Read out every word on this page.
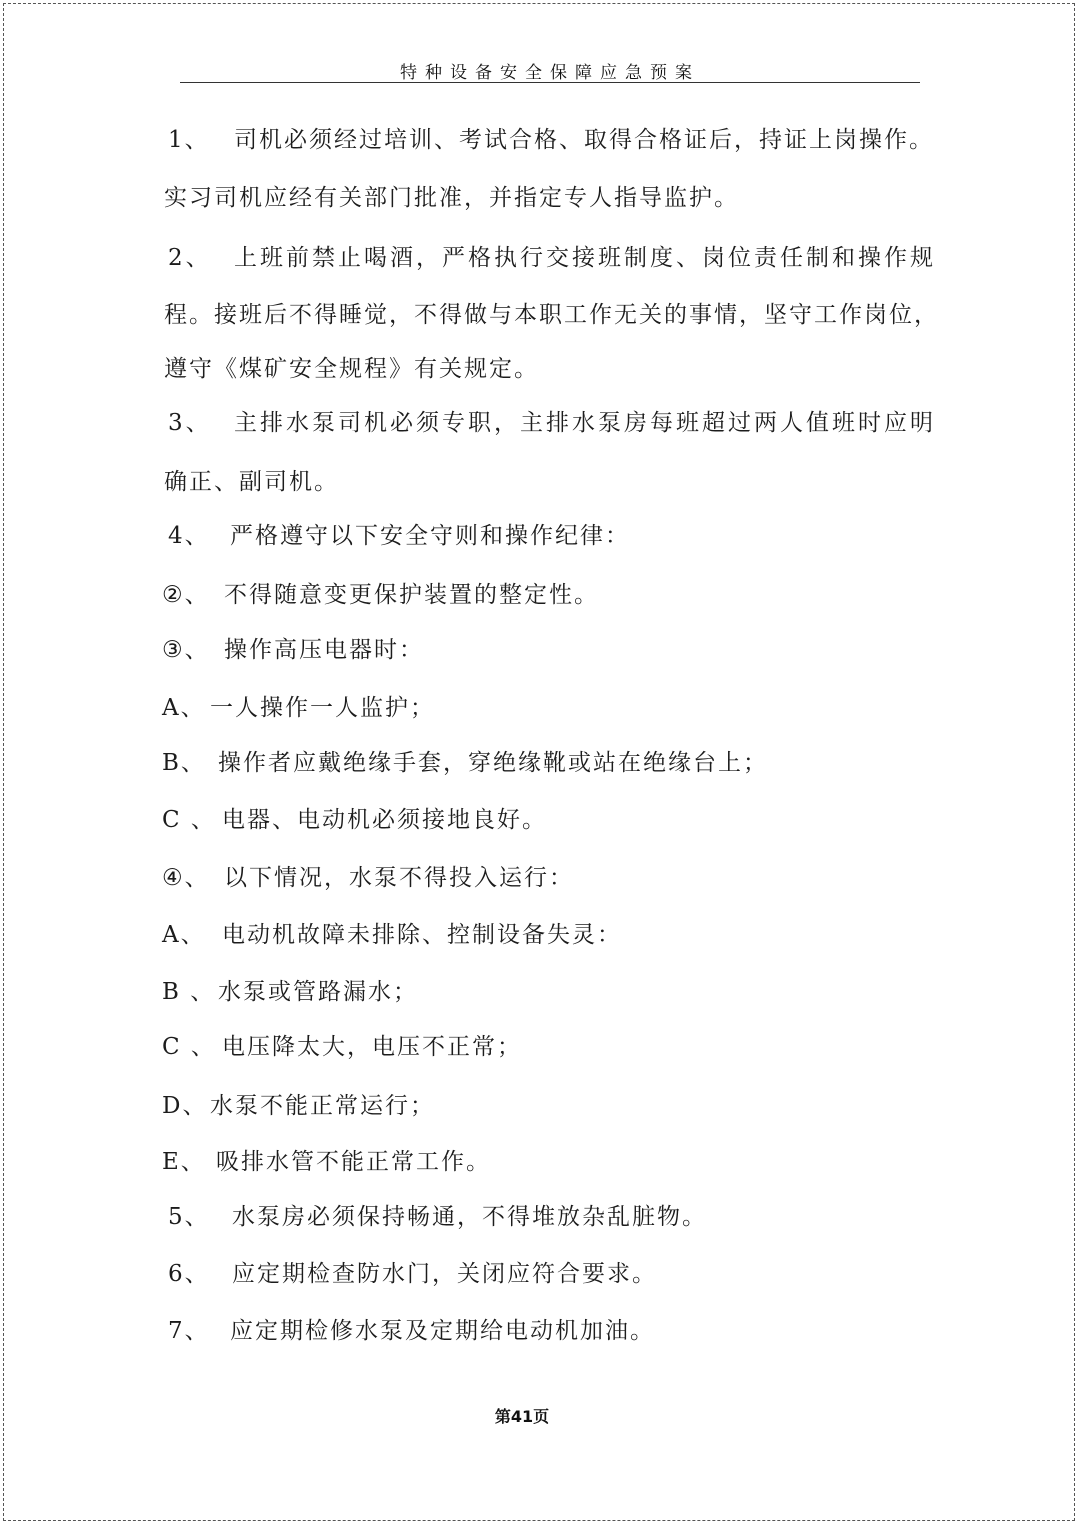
特种设备安全保障应急预案
1、 司机必须经过培训、考试合格、取得合格证后，持证上岗操作。
实习司机应经有关部门批准，并指定专人指导监护。
2、 上班前禁止喝酒，严格执行交接班制度、岗位责任制和操作规
程。接班后不得睡觉，不得做与本职工作无关的事情，坚守工作岗位，
遵守《煤矿安全规程》有关规定。
3、 主排水泵司机必须专职，主排水泵房每班超过两人值班时应明
确正、副司机。
4、 严格遵守以下安全守则和操作纪律：
②、 不得随意变更保护装置的整定性。
③、 操作高压电器时：
A、 一人操作一人监护；
B、 操作者应戴绝缘手套，穿绝缘靴或站在绝缘台上；
C 、 电器、电动机必须接地良好。
④、 以下情况，水泵不得投入运行：
A、 电动机故障未排除、控制设备失灵：
B 、 水泵或管路漏水；
C 、 电压降太大，电压不正常；
D、 水泵不能正常运行；
E、 吸排水管不能正常工作。
5、 水泵房必须保持畅通，不得堆放杂乱脏物。
6、 应定期检查防水门，关闭应符合要求。
7、 应定期检修水泵及定期给电动机加油。
第41页
